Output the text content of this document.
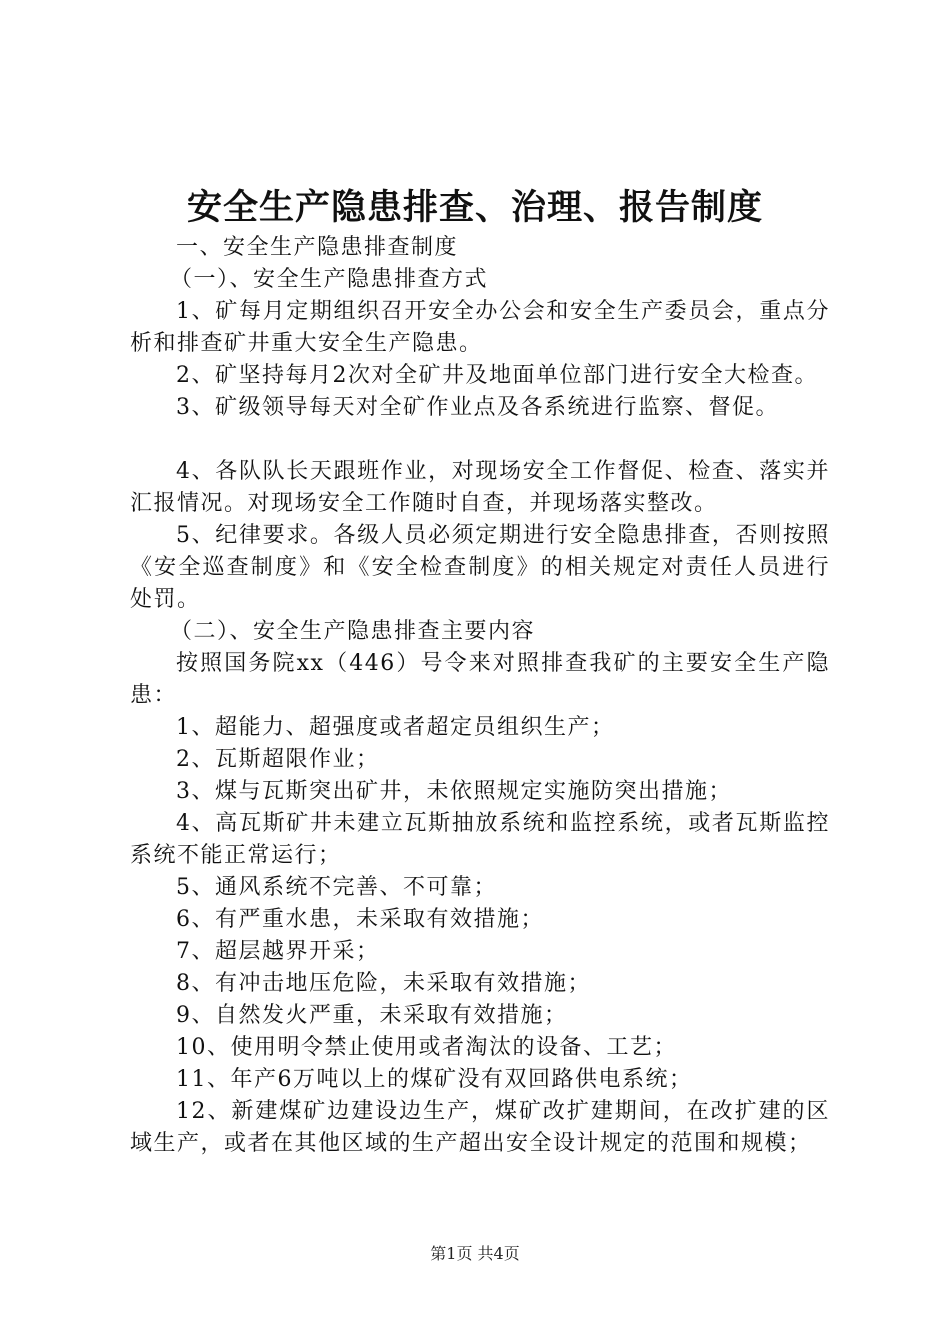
安全生产隐患排查、治理、报告制度

一、安全生产隐患排查制度

（一）、安全生产隐患排查方式

1、矿每月定期组织召开安全办公会和安全生产委员会，重点分析和排查矿井重大安全生产隐患。

2、矿坚持每月2次对全矿井及地面单位部门进行安全大检查。

3、矿级领导每天对全矿作业点及各系统进行监察、督促。

4、各队队长天跟班作业，对现场安全工作督促、检查、落实并汇报情况。对现场安全工作随时自查，并现场落实整改。

5、纪律要求。各级人员必须定期进行安全隐患排查，否则按照《安全巡查制度》和《安全检查制度》的相关规定对责任人员进行处罚。

（二）、安全生产隐患排查主要内容

按照国务院xx（446）号令来对照排查我矿的主要安全生产隐患：

1、超能力、超强度或者超定员组织生产；

2、瓦斯超限作业；

3、煤与瓦斯突出矿井，未依照规定实施防突出措施；

4、高瓦斯矿井未建立瓦斯抽放系统和监控系统，或者瓦斯监控系统不能正常运行；

5、通风系统不完善、不可靠；

6、有严重水患，未采取有效措施；

7、超层越界开采；

8、有冲击地压危险，未采取有效措施；

9、自然发火严重，未采取有效措施；

10、使用明令禁止使用或者淘汰的设备、工艺；

11、年产6万吨以上的煤矿没有双回路供电系统；

12、新建煤矿边建设边生产，煤矿改扩建期间，在改扩建的区域生产，或者在其他区域的生产超出安全设计规定的范围和规模；

第1页 共4页
